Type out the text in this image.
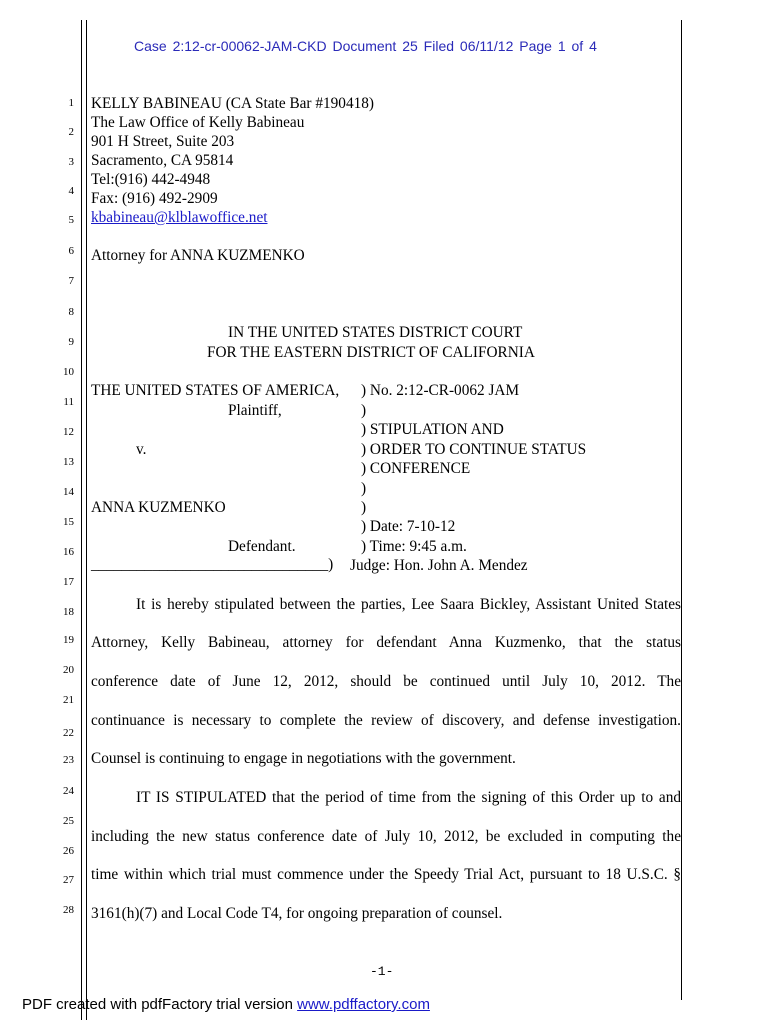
Case 2:12-cr-00062-JAM-CKD Document 25 Filed 06/11/12 Page 1 of 4
1
2
3
4
5
6
7
8
9
10
11
12
13
14
15
16
17
18
19
20
21
22
23
24
25
26
27
28
KELLY BABINEAU (CA State Bar #190418)
The Law Office of Kelly Babineau
901 H Street, Suite 203
Sacramento, CA 95814
Tel:(916) 442-4948
Fax: (916) 492-2909
kbabineau@klblawoffice.net
Attorney for ANNA KUZMENKO
IN THE UNITED STATES DISTRICT COURT
FOR THE EASTERN DISTRICT OF CALIFORNIA
THE UNITED STATES OF AMERICA,
Plaintiff,
v.
ANNA KUZMENKO
Defendant.
_______________________________)
) No. 2:12-CR-0062 JAM
)
) STIPULATION AND
) ORDER TO CONTINUE STATUS
) CONFERENCE
)
)
) Date: 7-10-12
) Time: 9:45 a.m.
Judge: Hon. John A. Mendez
It is hereby stipulated between the parties, Lee Saara Bickley, Assistant United States
Attorney, Kelly Babineau, attorney for defendant Anna Kuzmenko, that the status
conference date of June 12, 2012, should be continued until July 10, 2012. The
continuance is necessary to complete the review of discovery, and defense investigation.
Counsel is continuing to engage in negotiations with the government.
IT IS STIPULATED that the period of time from the signing of this Order up to and
including the new status conference date of July 10, 2012, be excluded in computing the
time within which trial must commence under the Speedy Trial Act, pursuant to 18 U.S.C. §
3161(h)(7) and Local Code T4, for ongoing preparation of counsel.
-1-
PDF created with pdfFactory trial version www.pdffactory.com
